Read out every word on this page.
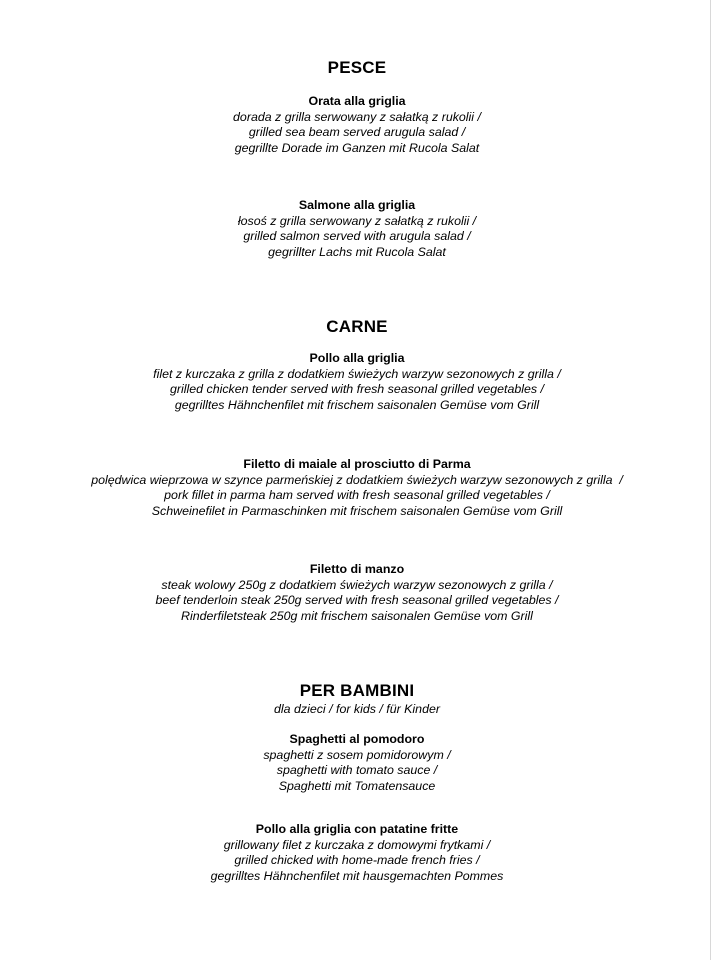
PESCE
Orata alla griglia
dorada z grilla serwowany z sałatką z rukolii /
grilled sea beam served arugula salad /
gegrillte Dorade im Ganzen mit Rucola Salat
Salmone alla griglia
łosoś z grilla serwowany z sałatką z rukolii /
grilled salmon served with arugula salad /
gegrillter Lachs mit Rucola Salat
CARNE
Pollo alla griglia
filet z kurczaka z grilla z dodatkiem świeżych warzyw sezonowych z grilla /
grilled chicken tender served with fresh seasonal grilled vegetables /
gegrilltes Hähnchenfilet mit frischem saisonalen Gemüse vom Grill
Filetto di maiale al prosciutto di Parma
polędwica wieprzowa w szynce parmeńskiej z dodatkiem świeżych warzyw sezonowych z grilla  /
pork fillet in parma ham served with fresh seasonal grilled vegetables /
Schweinefilet in Parmaschinken mit frischem saisonalen Gemüse vom Grill
Filetto di manzo
steak wolowy 250g z dodatkiem świeżych warzyw sezonowych z grilla /
beef tenderloin steak 250g served with fresh seasonal grilled vegetables /
Rinderfiletsteak 250g mit frischem saisonalen Gemüse vom Grill
PER BAMBINI
dla dzieci / for kids / für Kinder
Spaghetti al pomodoro
spaghetti z sosem pomidorowym /
spaghetti with tomato sauce /
Spaghetti mit Tomatensauce
Pollo alla griglia con patatine fritte
grillowany filet z kurczaka z domowymi frytkami /
grilled chicked with home-made french fries /
gegrilltes Hähnchenfilet mit hausgemachten Pommes
